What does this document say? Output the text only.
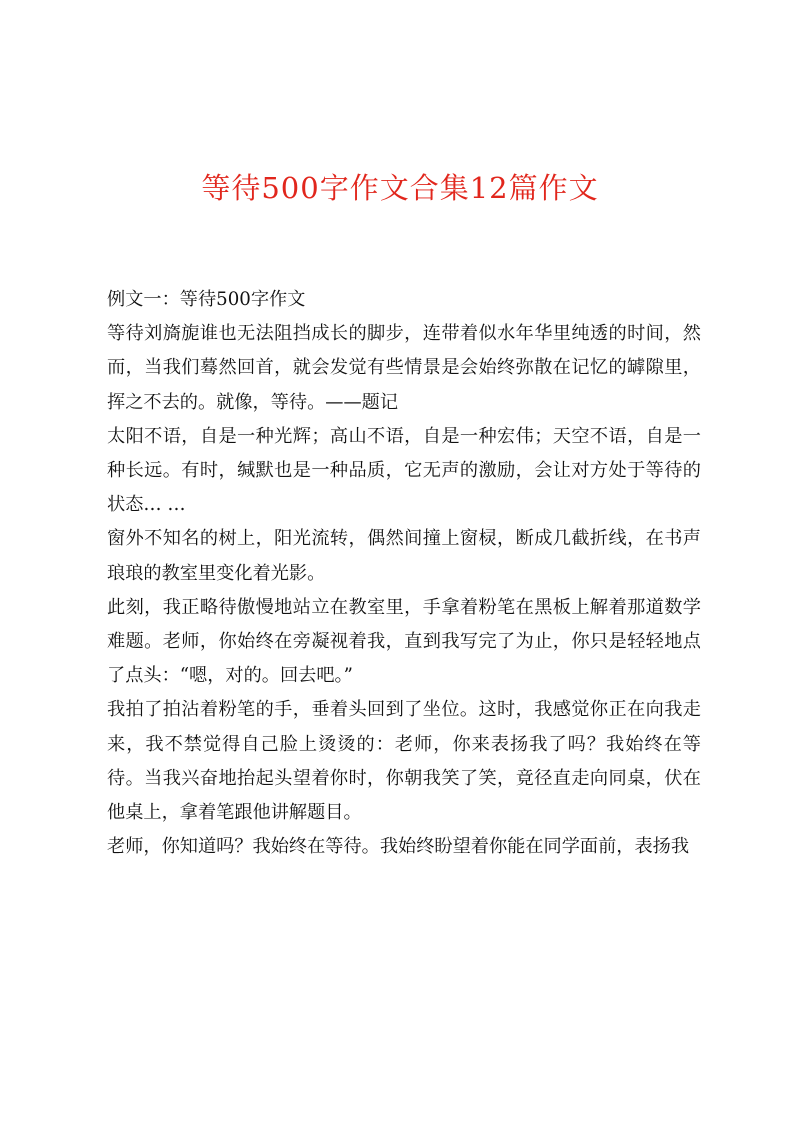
等待500字作文合集12篇作文

例文一：等待500字作文

等待刘旖旎谁也无法阻挡成长的脚步，连带着似水年华里纯透的时间，然而，当我们蓦然回首，就会发觉有些情景是会始终弥散在记忆的罅隙里，挥之不去的。就像，等待。——题记

太阳不语，自是一种光辉；高山不语，自是一种宏伟；天空不语，自是一种长远。有时，缄默也是一种品质，它无声的激励，会让对方处于等待的状态… …

窗外不知名的树上，阳光流转，偶然间撞上窗棂，断成几截折线，在书声琅琅的教室里变化着光影。

此刻，我正略待傲慢地站立在教室里，手拿着粉笔在黑板上解着那道数学难题。老师，你始终在旁凝视着我，直到我写完了为止，你只是轻轻地点了点头：“嗯，对的。回去吧。”

我拍了拍沾着粉笔的手，垂着头回到了坐位。这时，我感觉你正在向我走来，我不禁觉得自己脸上烫烫的：老师，你来表扬我了吗？我始终在等待。当我兴奋地抬起头望着你时，你朝我笑了笑，竟径直走向同桌，伏在他桌上，拿着笔跟他讲解题目。

老师，你知道吗？我始终在等待。我始终盼望着你能在同学面前，表扬我
